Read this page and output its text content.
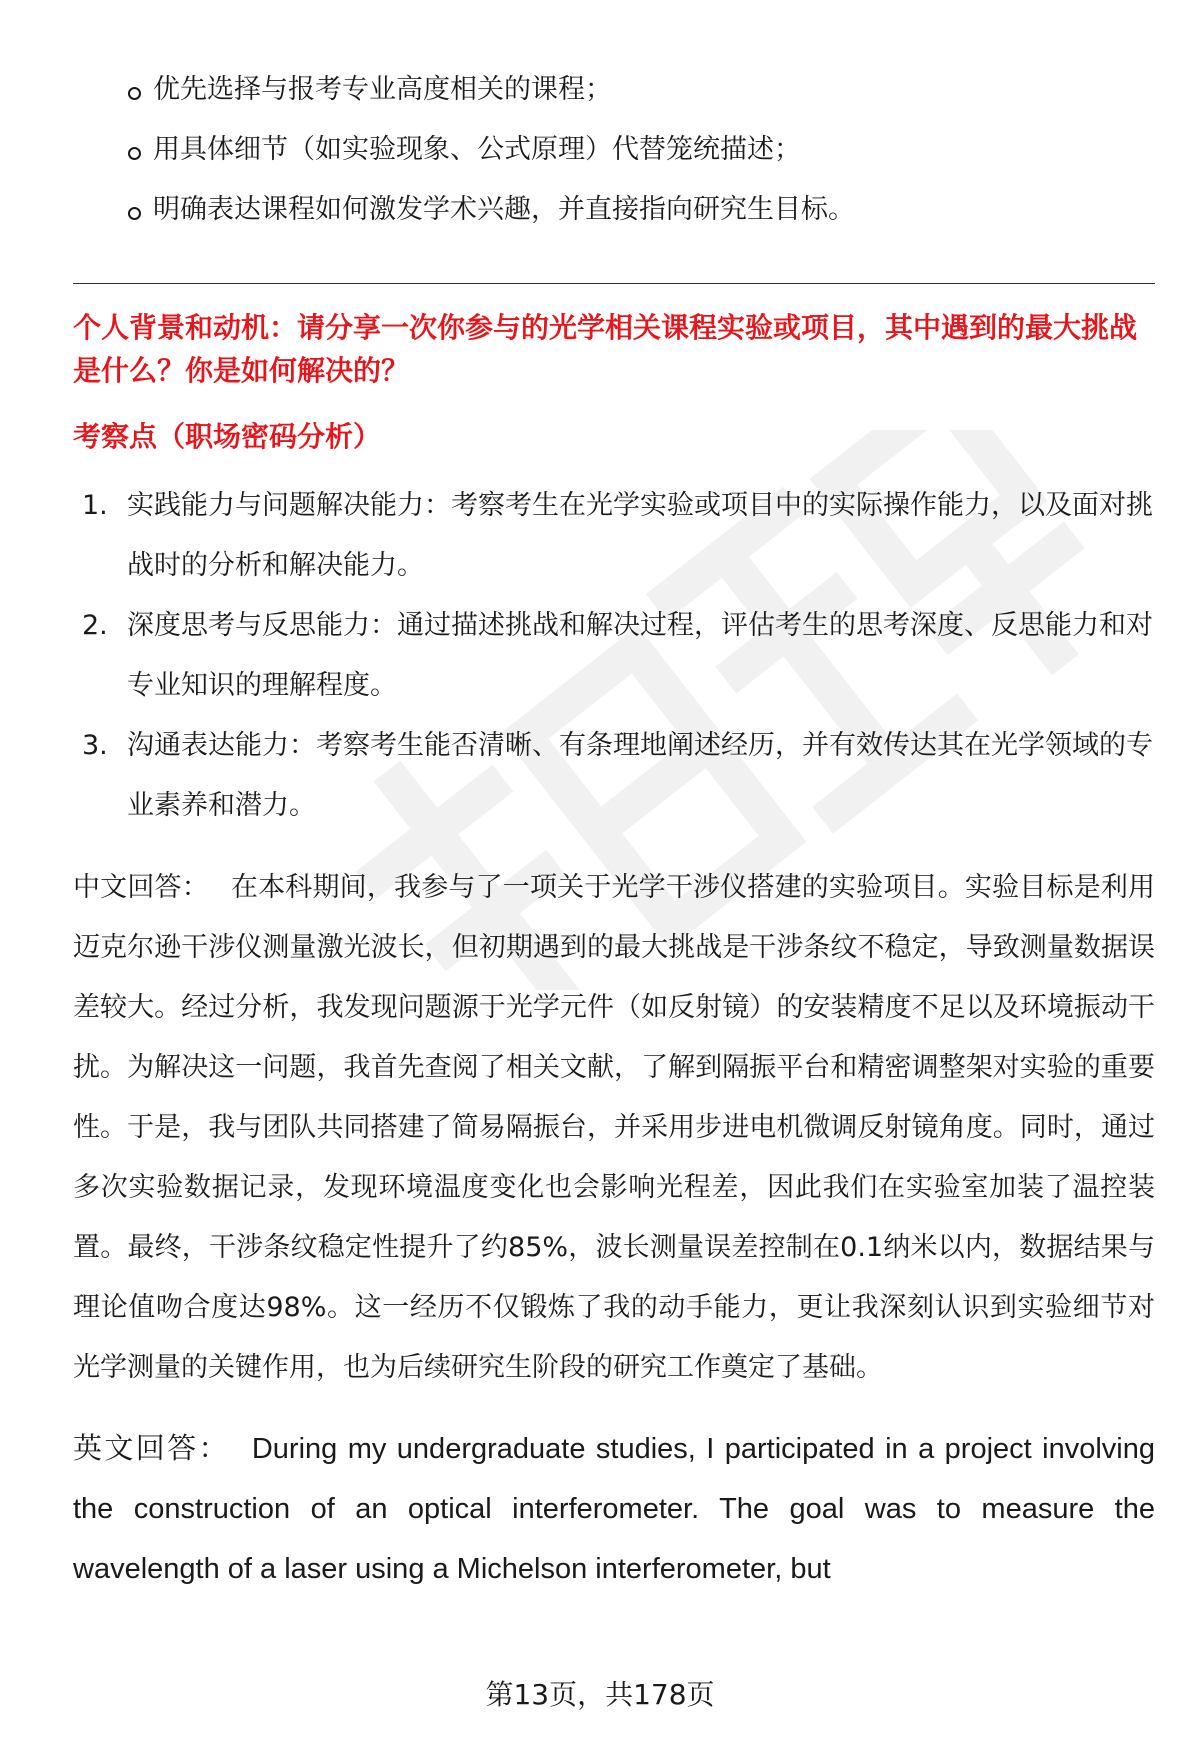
优先选择与报考专业高度相关的课程；
用具体细节（如实验现象、公式原理）代替笼统描述；
明确表达课程如何激发学术兴趣，并直接指向研究生目标。

个人背景和动机：请分享一次你参与的光学相关课程实验或项目，其中遇到的最大挑战是什么？你是如何解决的？

考察点（职场密码分析）

1. 实践能力与问题解决能力：考察考生在光学实验或项目中的实际操作能力，以及面对挑战时的分析和解决能力。
2. 深度思考与反思能力：通过描述挑战和解决过程，评估考生的思考深度、反思能力和对专业知识的理解程度。
3. 沟通表达能力：考察考生能否清晰、有条理地阐述经历，并有效传达其在光学领域的专业素养和潜力。

中文回答： 在本科期间，我参与了一项关于光学干涉仪搭建的实验项目。实验目标是利用迈克尔逊干涉仪测量激光波长，但初期遇到的最大挑战是干涉条纹不稳定，导致测量数据误差较大。经过分析，我发现问题源于光学元件（如反射镜）的安装精度不足以及环境振动干扰。为解决这一问题，我首先查阅了相关文献，了解到隔振平台和精密调整架对实验的重要性。于是，我与团队共同搭建了简易隔振台，并采用步进电机微调反射镜角度。同时，通过多次实验数据记录，发现环境温度变化也会影响光程差，因此我们在实验室加装了温控装置。最终，干涉条纹稳定性提升了约85%，波长测量误差控制在0.1纳米以内，数据结果与理论值吻合度达98%。这一经历不仅锻炼了我的动手能力，更让我深刻认识到实验细节对光学测量的关键作用，也为后续研究生阶段的研究工作奠定了基础。

英文回答： During my undergraduate studies, I participated in a project involving the construction of an optical interferometer. The goal was to measure the wavelength of a laser using a Michelson interferometer, but

第13页，共178页
